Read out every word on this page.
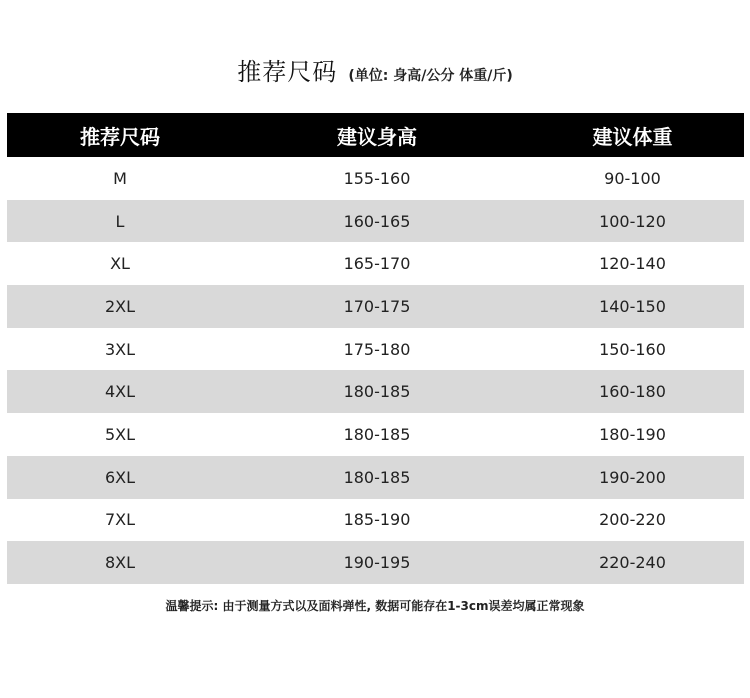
推荐尺码 (单位: 身高/公分 体重/斤)
推荐尺码	建议身高	建议体重
M	155-160	90-100
L	160-165	100-120
XL	165-170	120-140
2XL	170-175	140-150
3XL	175-180	150-160
4XL	180-185	160-180
5XL	180-185	180-190
6XL	180-185	190-200
7XL	185-190	200-220
8XL	190-195	220-240
温馨提示: 由于测量方式以及面料弹性, 数据可能存在1-3cm误差均属正常现象
